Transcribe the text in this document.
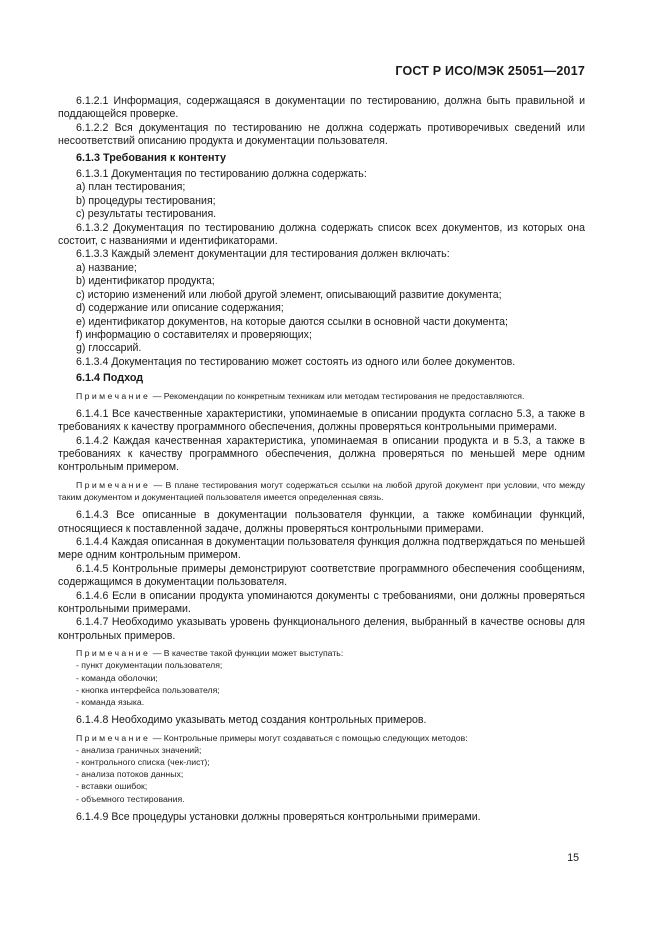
ГОСТ Р ИСО/МЭК 25051—2017

6.1.2.1 Информация, содержащаяся в документации по тестированию, должна быть правильной и поддающейся проверке.

6.1.2.2 Вся документация по тестированию не должна содержать противоречивых сведений или несоответствий описанию продукта и документации пользователя.

6.1.3 Требования к контенту

6.1.3.1 Документация по тестированию должна содержать:

а) план тестирования;

b) процедуры тестирования;

с) результаты тестирования.

6.1.3.2 Документация по тестированию должна содержать список всех документов, из которых она состоит, с названиями и идентификаторами.

6.1.3.3 Каждый элемент документации для тестирования должен включать:

а) название;

b) идентификатор продукта;

с) историю изменений или любой другой элемент, описывающий развитие документа;

d) содержание или описание содержания;

е) идентификатор документов, на которые даются ссылки в основной части документа;

f) информацию о составителях и проверяющих;

g) глоссарий.

6.1.3.4 Документация по тестированию может состоять из одного или более документов.

6.1.4 Подход

Примечание — Рекомендации по конкретным техникам или методам тестирования не предоставляются.

6.1.4.1 Все качественные характеристики, упоминаемые в описании продукта согласно 5.3, а также в требованиях к качеству программного обеспечения, должны проверяться контрольными примерами.

6.1.4.2 Каждая качественная характеристика, упоминаемая в описании продукта и в 5.3, а также в требованиях к качеству программного обеспечения, должна проверяться по меньшей мере одним контрольным примером.

Примечание — В плане тестирования могут содержаться ссылки на любой другой документ при условии, что между таким документом и документацией пользователя имеется определенная связь.

6.1.4.3 Все описанные в документации пользователя функции, а также комбинации функций, относящиеся к поставленной задаче, должны проверяться контрольными примерами.

6.1.4.4 Каждая описанная в документации пользователя функция должна подтверждаться по меньшей мере одним контрольным примером.

6.1.4.5 Контрольные примеры демонстрируют соответствие программного обеспечения сообщениям, содержащимся в документации пользователя.

6.1.4.6 Если в описании продукта упоминаются документы с требованиями, они должны проверяться контрольными примерами.

6.1.4.7 Необходимо указывать уровень функционального деления, выбранный в качестве основы для контрольных примеров.

Примечание — В качестве такой функции может выступать:

- пункт документации пользователя;

- команда оболочки;

- кнопка интерфейса пользователя;

- команда языка.

6.1.4.8 Необходимо указывать метод создания контрольных примеров.

Примечание — Контрольные примеры могут создаваться с помощью следующих методов:

- анализа граничных значений;

- контрольного списка (чек-лист);

- анализа потоков данных;

- вставки ошибок;

- объемного тестирования.

6.1.4.9 Все процедуры установки должны проверяться контрольными примерами.

15
